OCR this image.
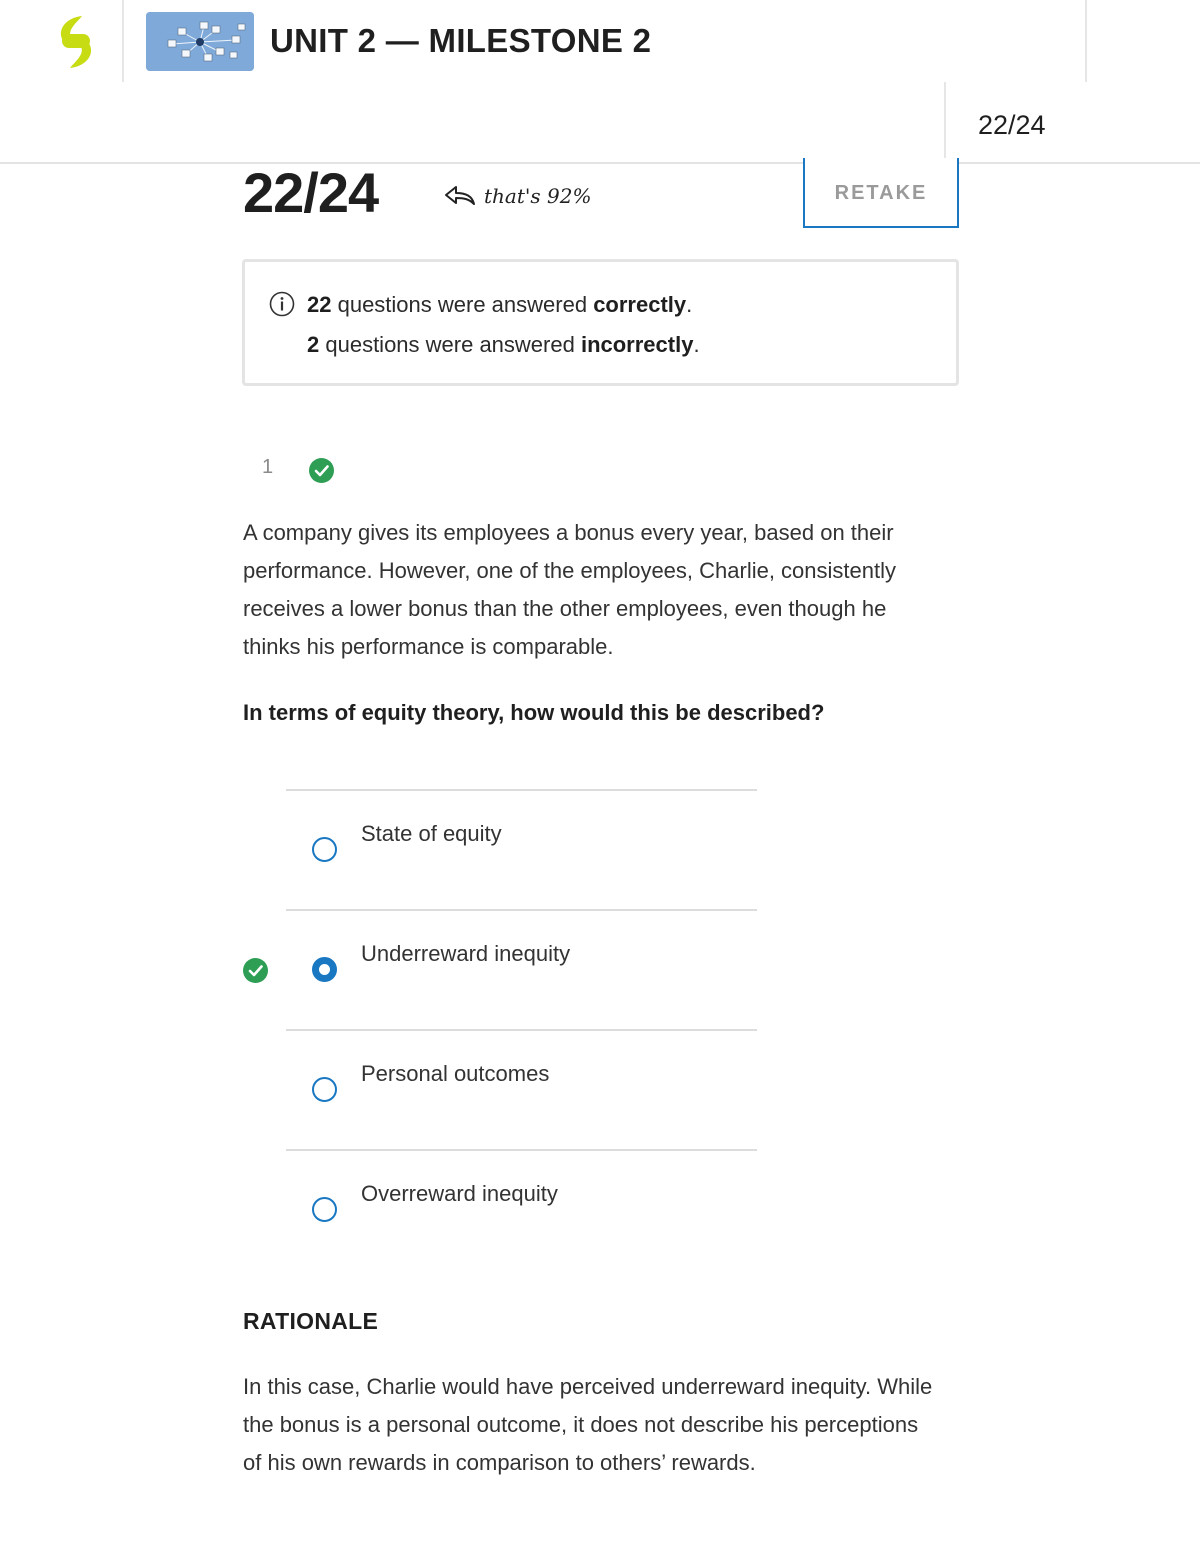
UNIT 2 — MILESTONE 2
22/24
22/24	that's 92%	RETAKE
22 questions were answered correctly.
2 questions were answered incorrectly.
1
A company gives its employees a bonus every year, based on their performance. However, one of the employees, Charlie, consistently receives a lower bonus than the other employees, even though he thinks his performance is comparable.
In terms of equity theory, how would this be described?
State of equity
Underreward inequity
Personal outcomes
Overreward inequity
RATIONALE
In this case, Charlie would have perceived underreward inequity. While the bonus is a personal outcome, it does not describe his perceptions of his own rewards in comparison to others’ rewards.
